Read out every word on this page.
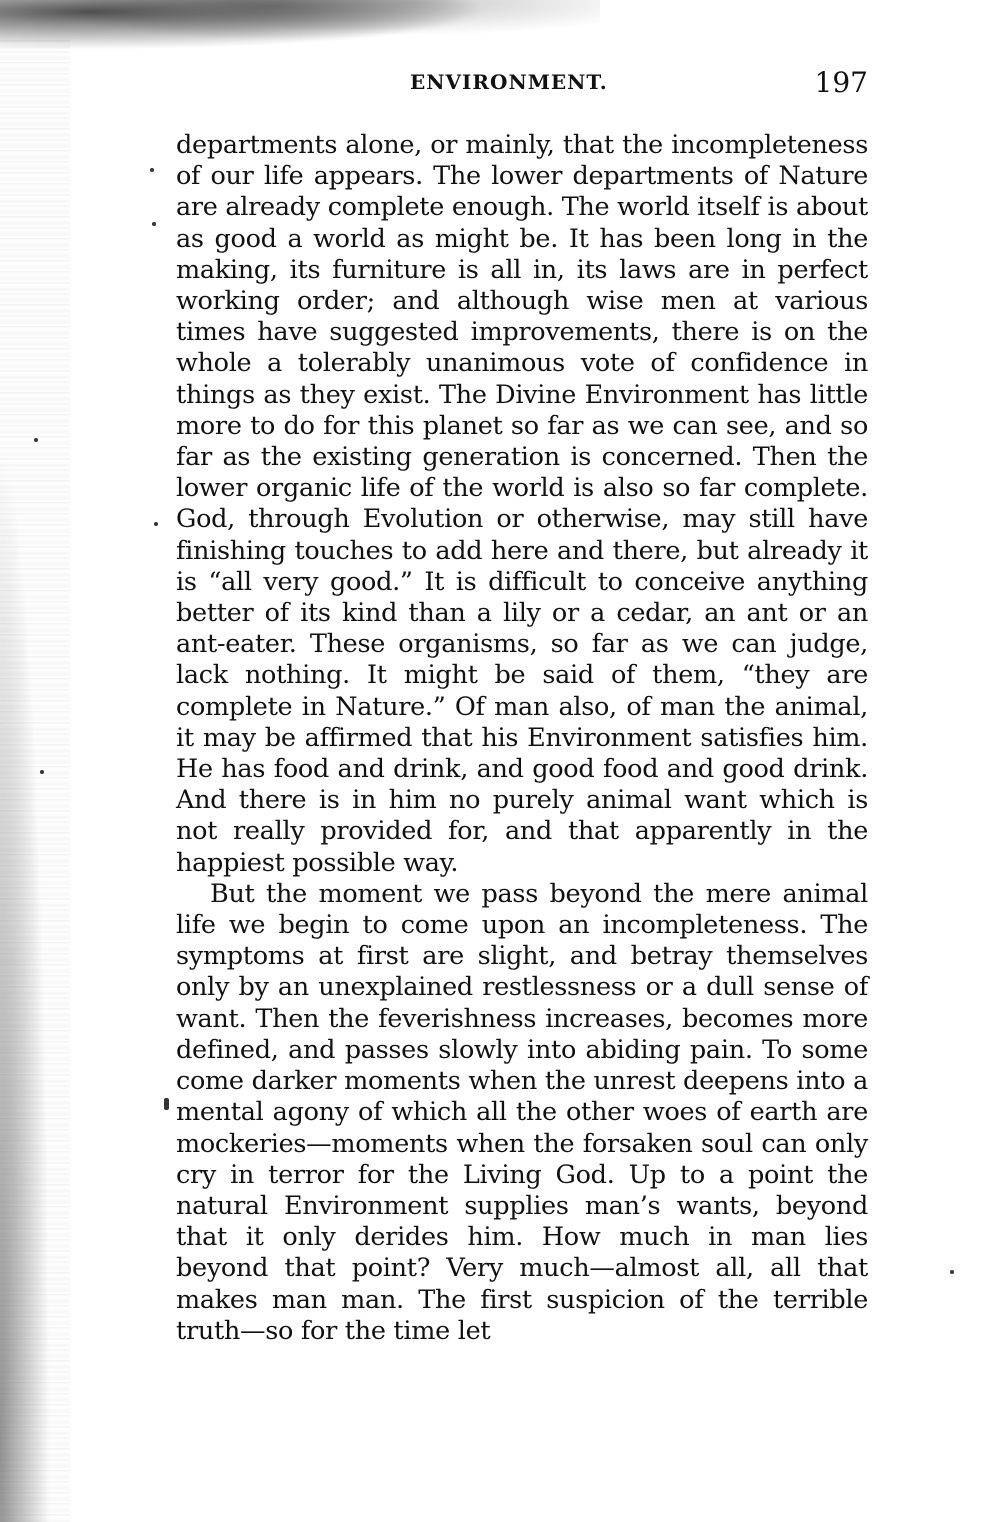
ENVIRONMENT.	197

departments alone, or mainly, that the incompleteness of our life appears. The lower departments of Nature are already complete enough. The world itself is about as good a world as might be. It has been long in the making, its furniture is all in, its laws are in perfect working order; and although wise men at various times have suggested improvements, there is on the whole a tolerably unanimous vote of confidence in things as they exist. The Divine Environment has little more to do for this planet so far as we can see, and so far as the existing generation is concerned. Then the lower organic life of the world is also so far complete. God, through Evolution or otherwise, may still have finishing touches to add here and there, but already it is “all very good.” It is difficult to conceive anything better of its kind than a lily or a cedar, an ant or an ant-eater. These organisms, so far as we can judge, lack nothing. It might be said of them, “they are complete in Nature.” Of man also, of man the animal, it may be affirmed that his Environment satisfies him. He has food and drink, and good food and good drink. And there is in him no purely animal want which is not really provided for, and that apparently in the happiest possible way.

But the moment we pass beyond the mere animal life we begin to come upon an incompleteness. The symptoms at first are slight, and betray themselves only by an unexplained restlessness or a dull sense of want. Then the feverishness increases, becomes more defined, and passes slowly into abiding pain. To some come darker moments when the unrest deepens into a mental agony of which all the other woes of earth are mockeries—moments when the forsaken soul can only cry in terror for the Living God. Up to a point the natural Environment supplies man’s wants, beyond that it only derides him. How much in man lies beyond that point? Very much—almost all, all that makes man man. The first suspicion of the terrible truth—so for the time let
